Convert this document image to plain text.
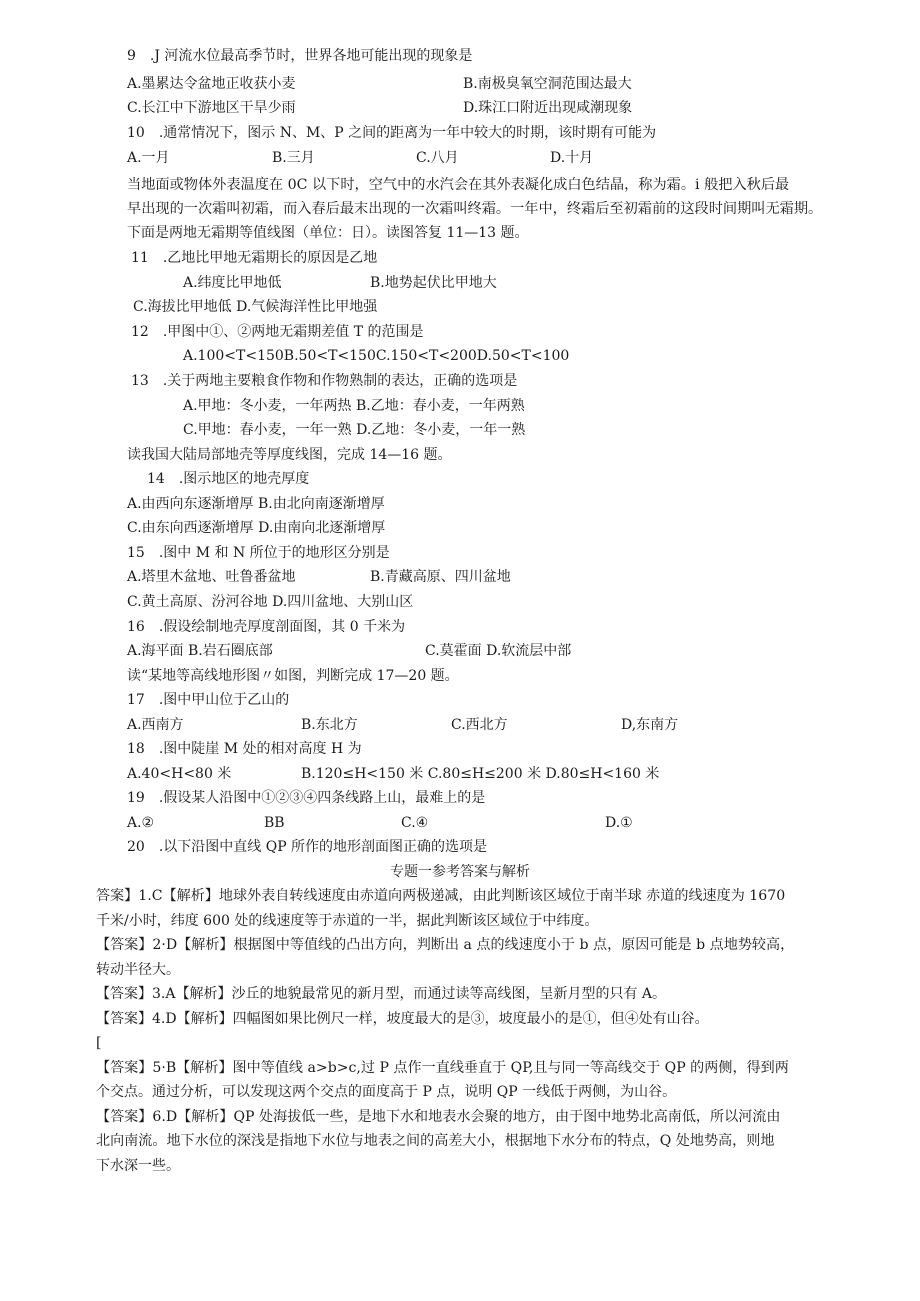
9　.J 河流水位最高季节时，世界各地可能出现的现象是
A.墨累达令盆地正收获小麦	B.南极臭氧空洞范围达最大
C.长江中下游地区干旱少雨	D.珠江口附近出现咸潮现象
10　.通常情况下，图示 N、M、P 之间的距离为一年中较大的时期，该时期有可能为
A.一月	B.三月	C.八月	D.十月
当地面或物体外表温度在 0C 以下时，空气中的水汽会在其外表凝化成白色结晶，称为霜。i 般把入秋后最
早出现的一次霜叫初霜，而入春后最末出现的一次霜叫终霜。一年中，终霜后至初霜前的这段时间期叫无霜期。
下面是两地无霜期等值线图（单位：日）。读图答复 11—13 题。
11　.乙地比甲地无霜期长的原因是乙地
A.纬度比甲地低	B.地势起伏比甲地大
C.海拔比甲地低 D.气候海洋性比甲地强
12　.甲图中①、②两地无霜期差值 T 的范围是
A.100<T<150B.50<T<150C.150<T<200D.50<T<100
13　.关于两地主要粮食作物和作物熟制的表达，正确的选项是
A.甲地：冬小麦，一年两热 B.乙地：春小麦，一年两熟
C.甲地：春小麦，一年一熟 D.乙地：冬小麦，一年一熟
读我国大陆局部地壳等厚度线图，完成 14—16 题。
14　.图示地区的地壳厚度
A.由西向东逐渐增厚 B.由北向南逐渐增厚
C.由东向西逐渐增厚 D.由南向北逐渐增厚
15　.图中 M 和 N 所位于的地形区分别是
A.塔里木盆地、吐鲁番盆地	B.青藏高原、四川盆地
C.黄土高原、汾河谷地 D.四川盆地、大别山区
16　.假设绘制地壳厚度剖面图，其 0 千米为
A.海平面 B.岩石圈底部	C.莫霍面 D.软流层中部
读“某地等高线地形图〃如图，判断完成 17—20 题。
17　.图中甲山位于乙山的
A.西南方	B.东北方	C.西北方	D,东南方
18　.图中陡崖 M 处的相对高度 H 为
A.40<H<80 米	B.120≤H<150 米 C.80≤H≤200 米 D.80≤H<160 米
19　.假设某人沿图中①②③④四条线路上山，最难上的是
A.②	BB	C.④	D.①
20　.以下沿图中直线 QP 所作的地形剖面图正确的选项是
专题一参考答案与解析
答案】1.C【解析】地球外表自转线速度由赤道向两极递减，由此判断该区域位于南半球 赤道的线速度为 1670
千米/小时，纬度 600 处的线速度等于赤道的一半，据此判断该区域位于中纬度。
【答案】2·D【解析】根据图中等值线的凸出方向，判断出 a 点的线速度小于 b 点，原因可能是 b 点地势较高，
转动半径大。
【答案】3.A【解析】沙丘的地貌最常见的新月型，而通过读等高线图，呈新月型的只有 A。
【答案】4.D【解析】四幅图如果比例尺一样，坡度最大的是③，坡度最小的是①，但④处有山谷。
[
【答案】5·B【解析】图中等值线 a>b>c,过 P 点作一直线垂直于 QP,且与同一等高线交于 QP 的两侧，得到两
个交点。通过分析，可以发现这两个交点的面度高于 P 点，说明 QP 一线低于两侧，为山谷。
【答案】6.D【解析】QP 处海拔低一些，是地下水和地表水会聚的地方，由于图中地势北高南低，所以河流由
北向南流。地下水位的深浅是指地下水位与地表之间的高差大小，根据地下水分布的特点，Q 处地势高，则地
下水深一些。
